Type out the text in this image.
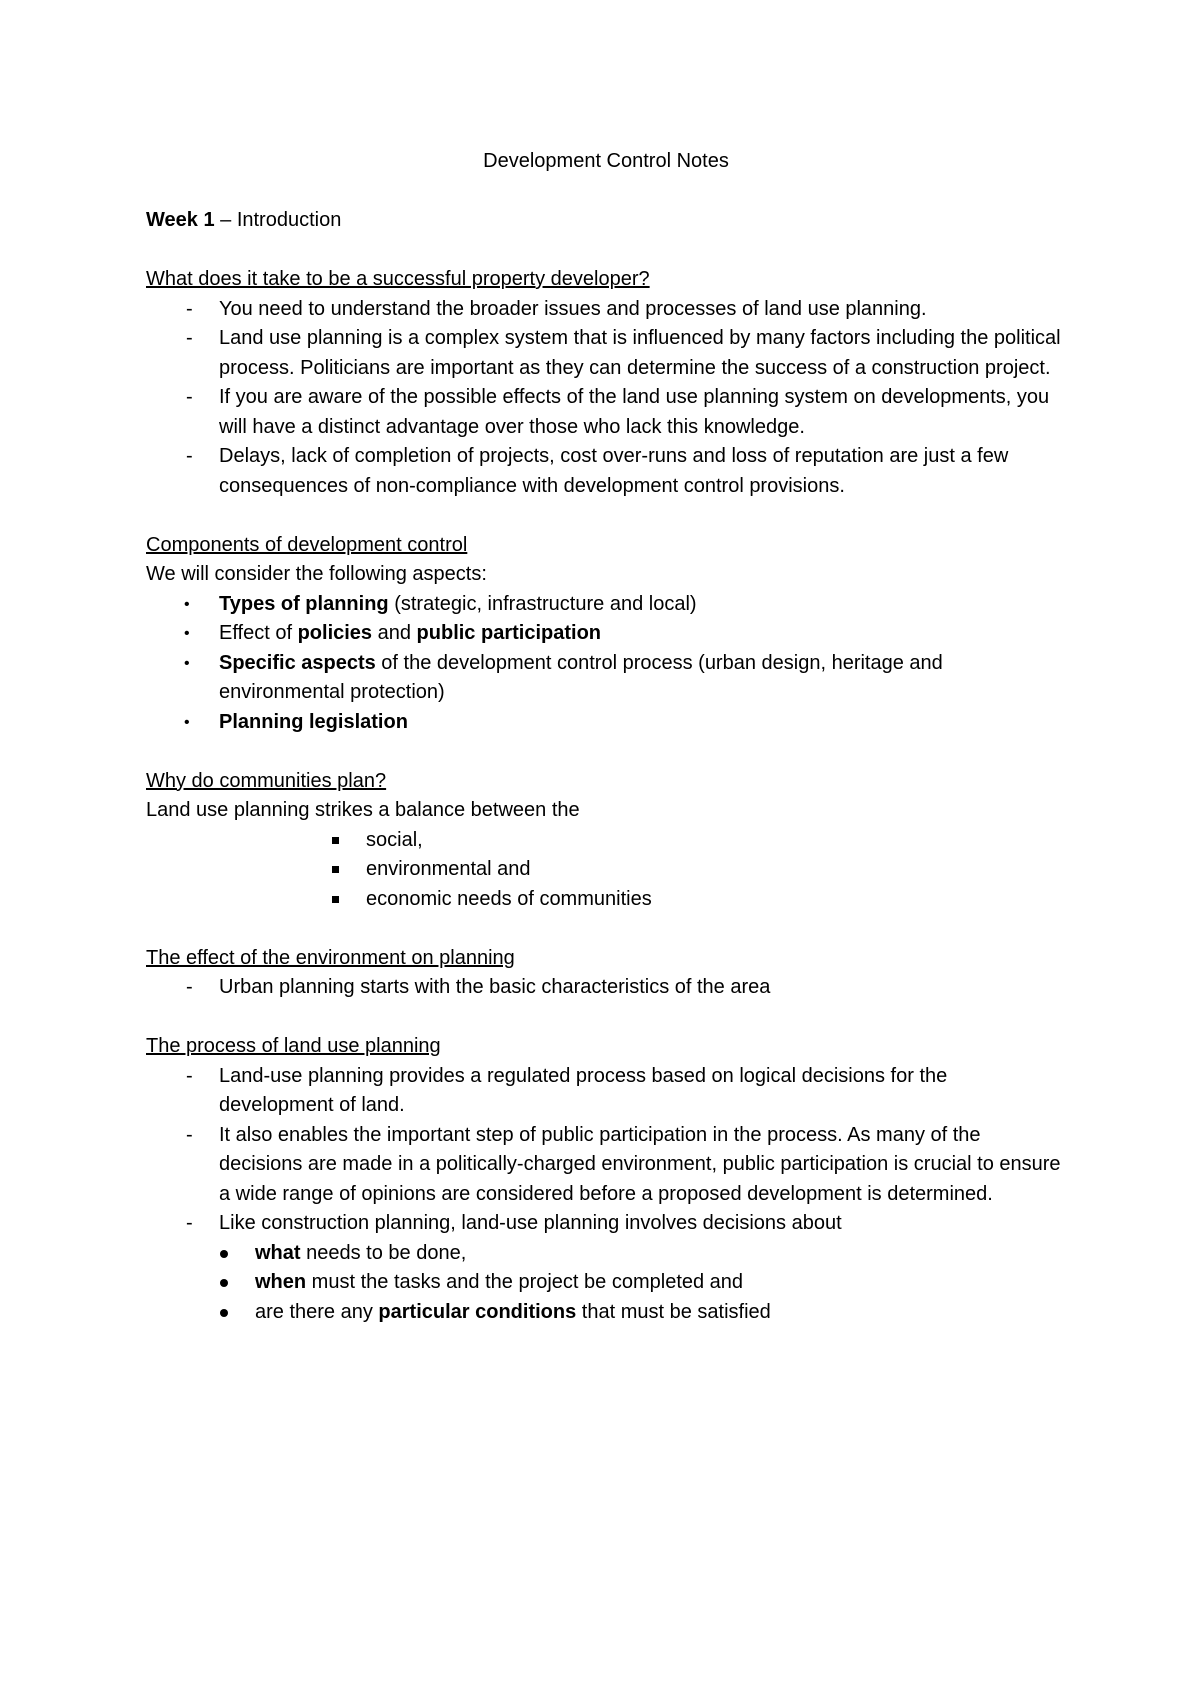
Development Control Notes

Week 1 – Introduction

What does it take to be a successful property developer?

- You need to understand the broader issues and processes of land use planning.
- Land use planning is a complex system that is influenced by many factors including the political process. Politicians are important as they can determine the success of a construction project.
- If you are aware of the possible effects of the land use planning system on developments, you will have a distinct advantage over those who lack this knowledge.
- Delays, lack of completion of projects, cost over-runs and loss of reputation are just a few consequences of non-compliance with development control provisions.

Components of development control

We will consider the following aspects:

• Types of planning (strategic, infrastructure and local)
• Effect of policies and public participation
• Specific aspects of the development control process (urban design, heritage and environmental protection)
• Planning legislation

Why do communities plan?

Land use planning strikes a balance between the

social,
environmental and
economic needs of communities

The effect of the environment on planning

- Urban planning starts with the basic characteristics of the area

The process of land use planning

- Land-use planning provides a regulated process based on logical decisions for the development of land.
- It also enables the important step of public participation in the process. As many of the decisions are made in a politically-charged environment, public participation is crucial to ensure a wide range of opinions are considered before a proposed development is determined.
- Like construction planning, land-use planning involves decisions about
what needs to be done,
when must the tasks and the project be completed and
are there any particular conditions that must be satisfied
